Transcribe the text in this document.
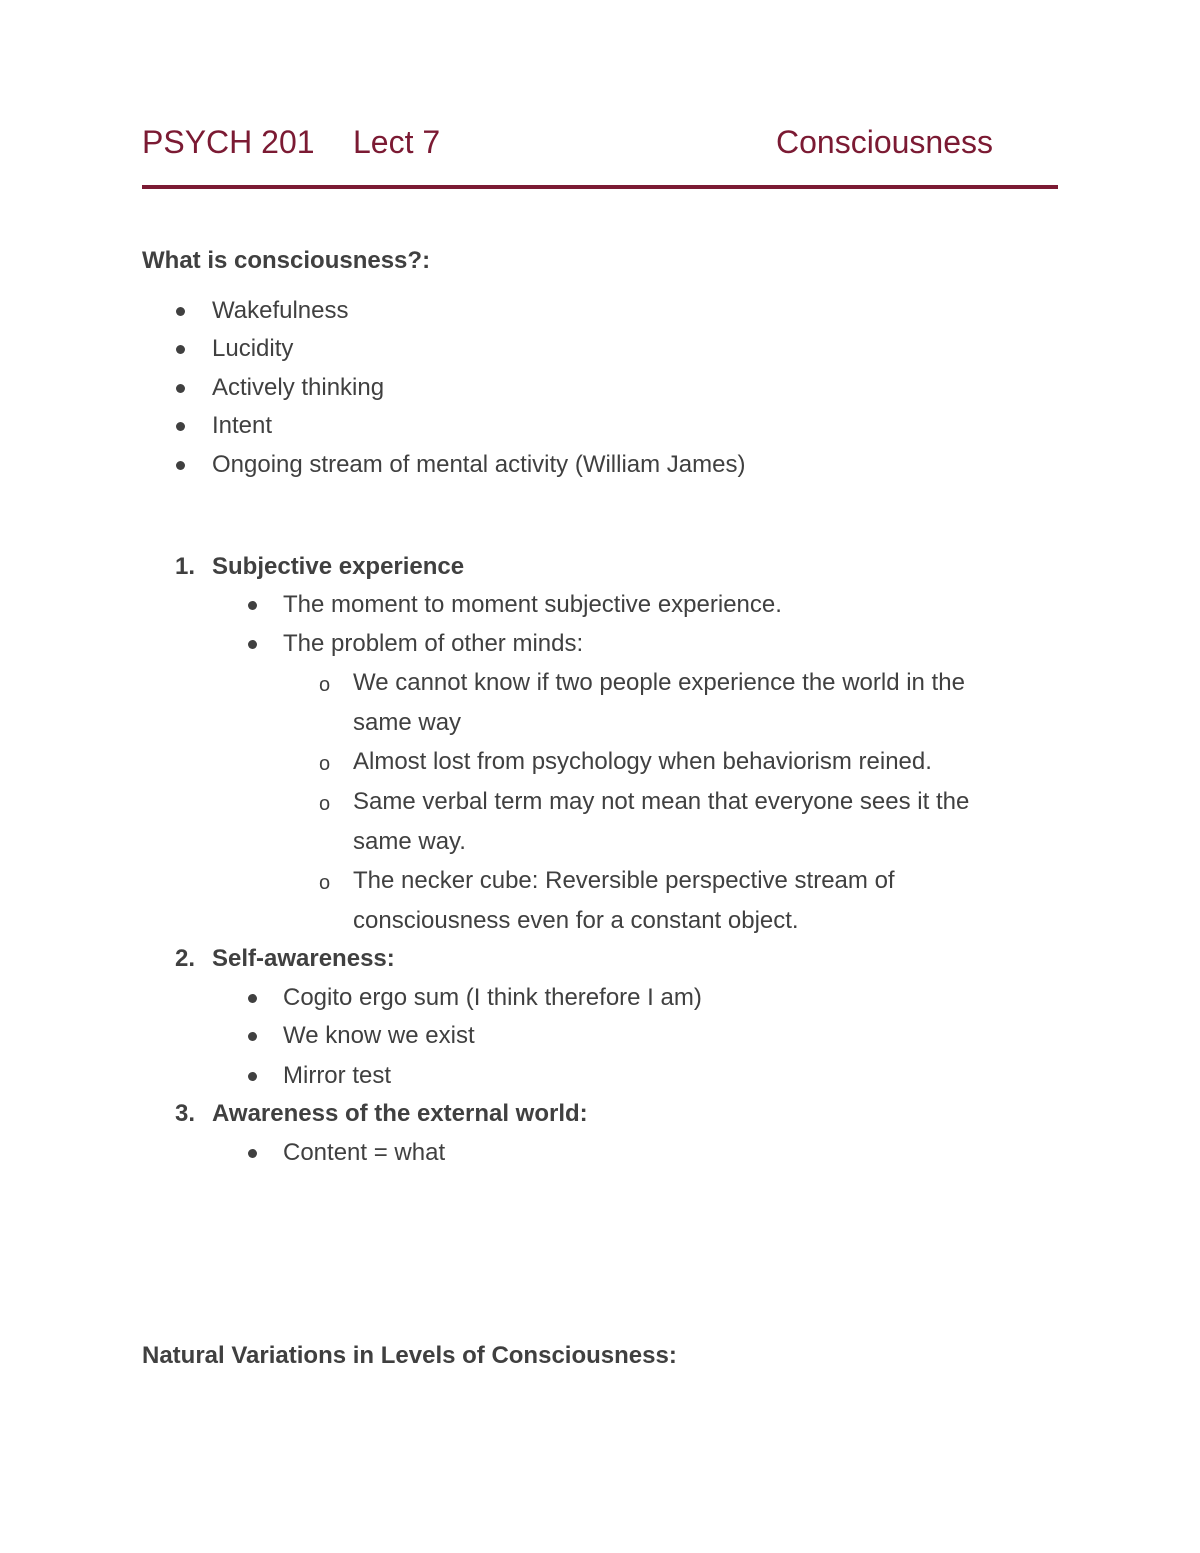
PSYCH 201 Lect 7	Consciousness
What is consciousness?:
Wakefulness
Lucidity
Actively thinking
Intent
Ongoing stream of mental activity (William James)
1. Subjective experience
The moment to moment subjective experience.
The problem of other minds:
o We cannot know if two people experience the world in the
same way
o Almost lost from psychology when behaviorism reined.
o Same verbal term may not mean that everyone sees it the
same way.
o The necker cube: Reversible perspective stream of
consciousness even for a constant object.
2. Self-awareness:
Cogito ergo sum (I think therefore I am)
We know we exist
Mirror test
3. Awareness of the external world:
Content = what
Natural Variations in Levels of Consciousness:
